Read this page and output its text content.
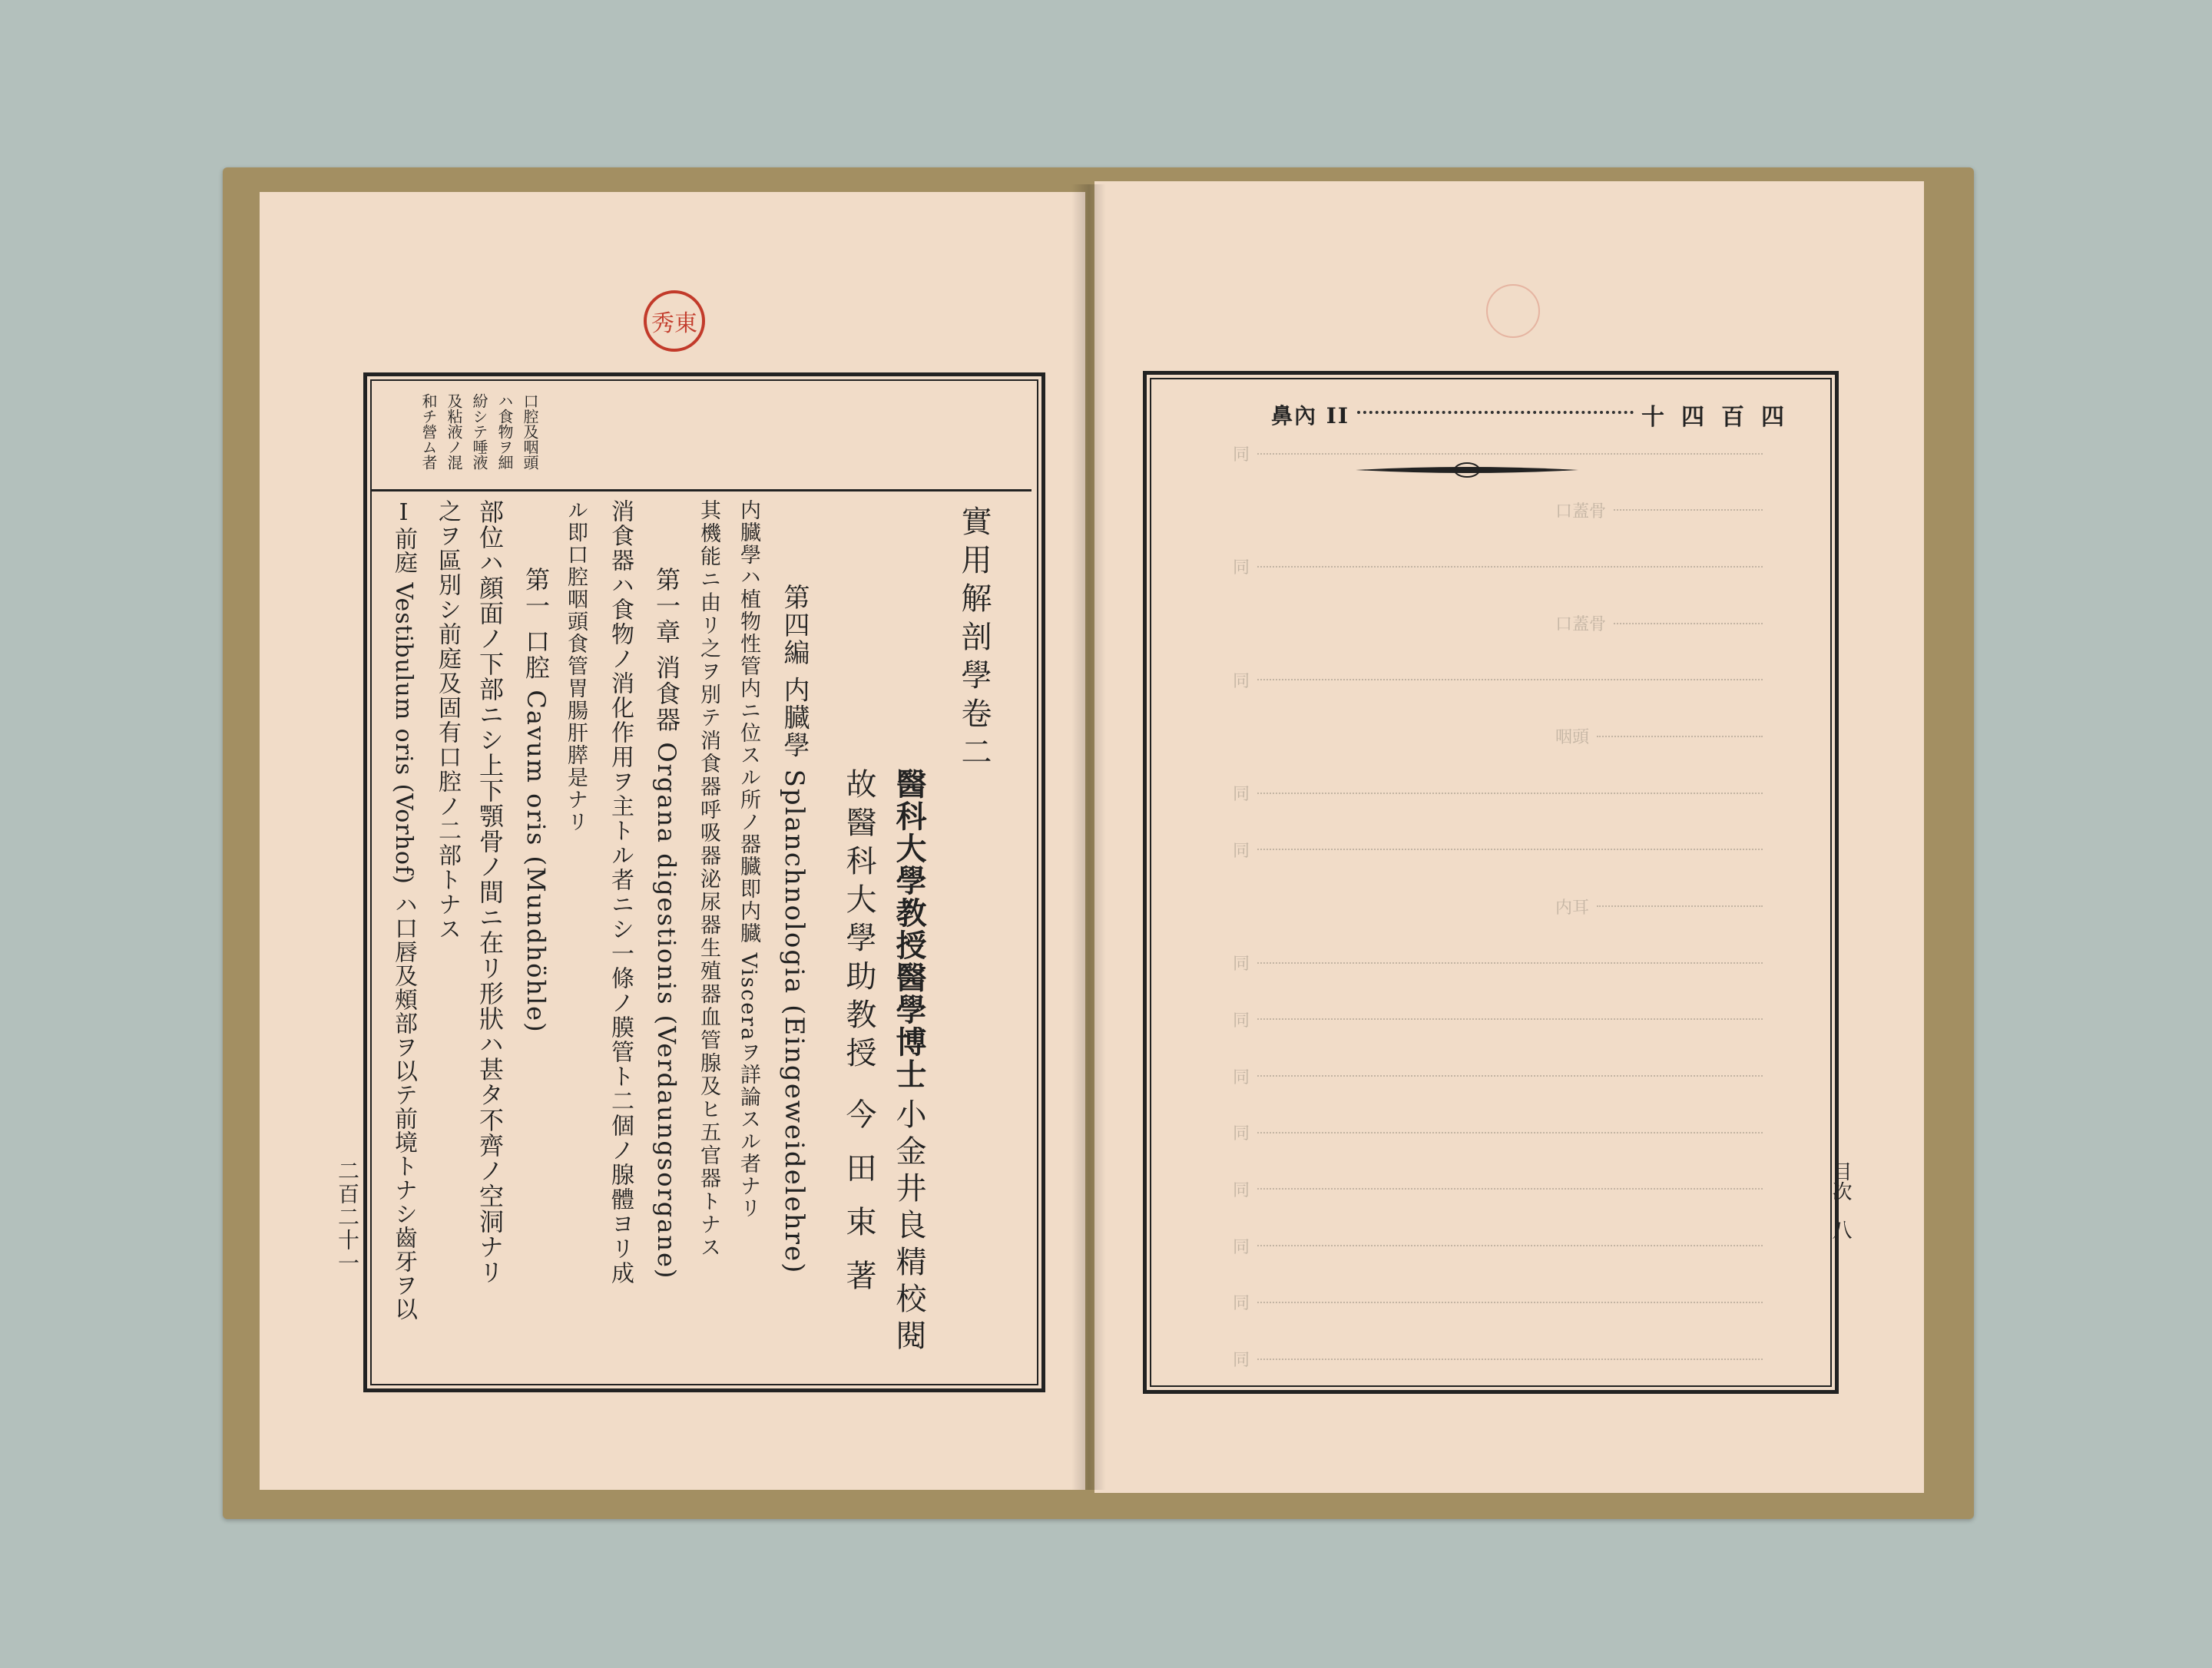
秀東
口腔及咽頭
ハ食物ヲ細
紛シテ唾液
及粘液ノ混
和チ營ム者
實用解剖學卷二
醫科大學教授醫學博士
小金井良精校閱
故醫科大學助教授
今田束著
第四編 内臓學 Splanchnologia (Eingeweidelehre)
内臓學ハ植物性管内ニ位スル所ノ器臓即内臓 Visceraヲ詳論スル者ナリ
其機能ニ由リ之ヲ別テ消食器呼吸器泌尿器生殖器血管腺及ヒ五官器トナス
第一章 消食器 Organa digestionis (Verdaungsorgane)
消食器ハ食物ノ消化作用ヲ主トル者ニシ一條ノ膜管ト二個ノ腺體ヨリ成
ル即口腔咽頭食管胃腸肝膵是ナリ
第一 口腔 Cavum oris (Mundhöhle)
部位ハ顔面ノ下部ニシ上下顎骨ノ間ニ在リ形狀ハ甚タ不齊ノ空洞ナリ
之ヲ區別シ前庭及固有口腔ノ二部トナス
Ⅰ前庭 Vestibulum oris (Vorhof) ハ口唇及頰部ヲ以テ前境トナシ齒牙ヲ以
二百二十一
鼻內 II	十四百四
同
口蓋骨
同
口蓋骨
同
咽頭
同
同
内耳
同
同
同
同
同
同
同
同
目次
八
